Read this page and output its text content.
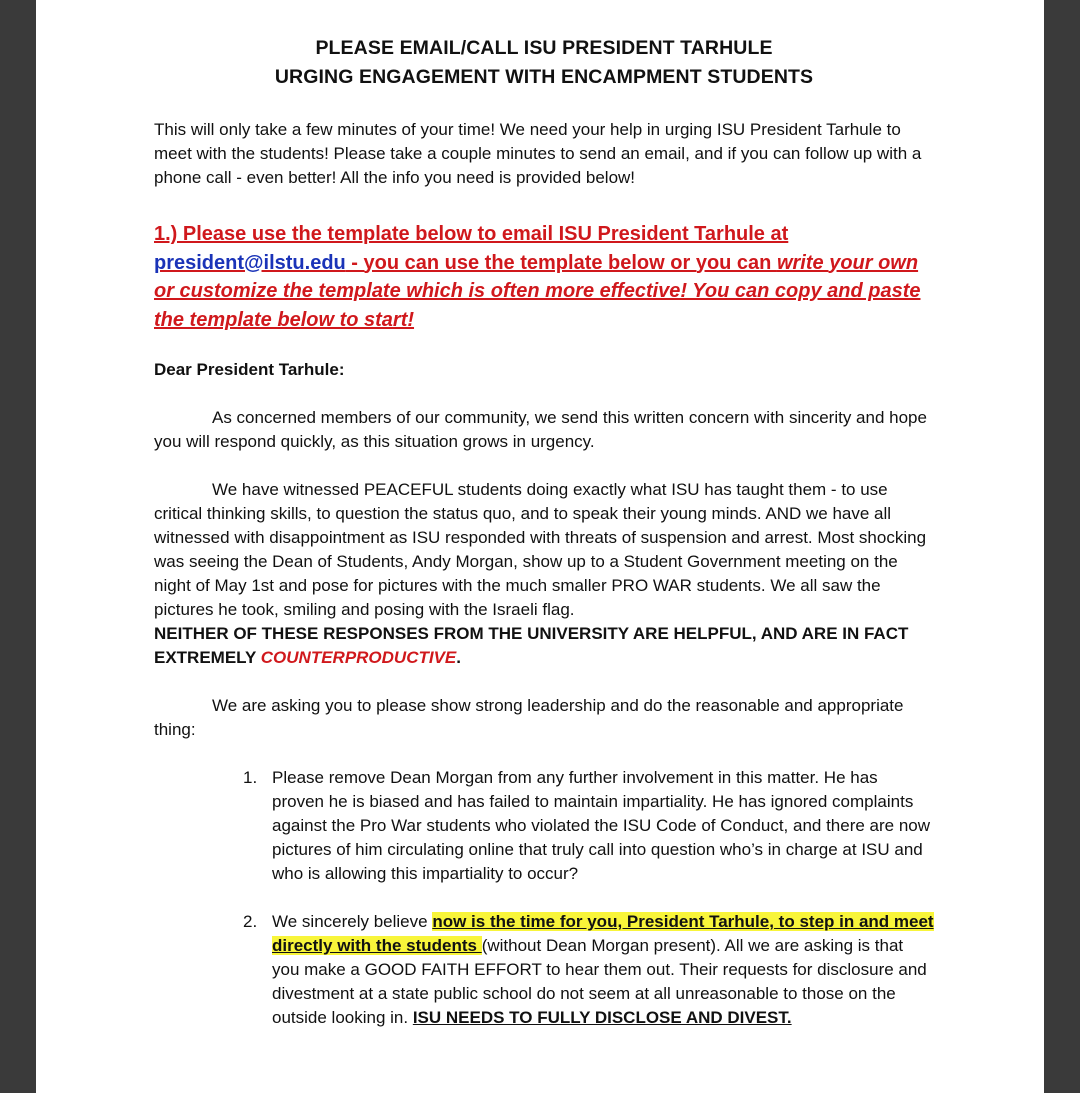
PLEASE EMAIL/CALL ISU PRESIDENT TARHULE

URGING ENGAGEMENT WITH ENCAMPMENT STUDENTS

This will only take a few minutes of your time! We need your help in urging ISU President Tarhule to meet with the students! Please take a couple minutes to send an email, and if you can follow up with a phone call - even better! All the info you need is provided below!

1.) Please use the template below to email ISU President Tarhule at president@ilstu.edu - you can use the template below or you can write your own or customize the template which is often more effective! You can copy and paste the template below to start!

Dear President Tarhule:

As concerned members of our community, we send this written concern with sincerity and hope you will respond quickly, as this situation grows in urgency.

We have witnessed PEACEFUL students doing exactly what ISU has taught them - to use critical thinking skills, to question the status quo, and to speak their young minds. AND we have all witnessed with disappointment as ISU responded with threats of suspension and arrest. Most shocking was seeing the Dean of Students, Andy Morgan, show up to a Student Government meeting on the night of May 1st and pose for pictures with the much smaller PRO WAR students. We all saw the pictures he took, smiling and posing with the Israeli flag.
NEITHER OF THESE RESPONSES FROM THE UNIVERSITY ARE HELPFUL, AND ARE IN FACT EXTREMELY COUNTERPRODUCTIVE.

We are asking you to please show strong leadership and do the reasonable and appropriate thing:

1. Please remove Dean Morgan from any further involvement in this matter. He has proven he is biased and has failed to maintain impartiality. He has ignored complaints against the Pro War students who violated the ISU Code of Conduct, and there are now pictures of him circulating online that truly call into question who’s in charge at ISU and who is allowing this impartiality to occur?
2. We sincerely believe now is the time for you, President Tarhule, to step in and meet directly with the students (without Dean Morgan present). All we are asking is that you make a GOOD FAITH EFFORT to hear them out. Their requests for disclosure and divestment at a state public school do not seem at all unreasonable to those on the outside looking in. ISU NEEDS TO FULLY DISCLOSE AND DIVEST.
